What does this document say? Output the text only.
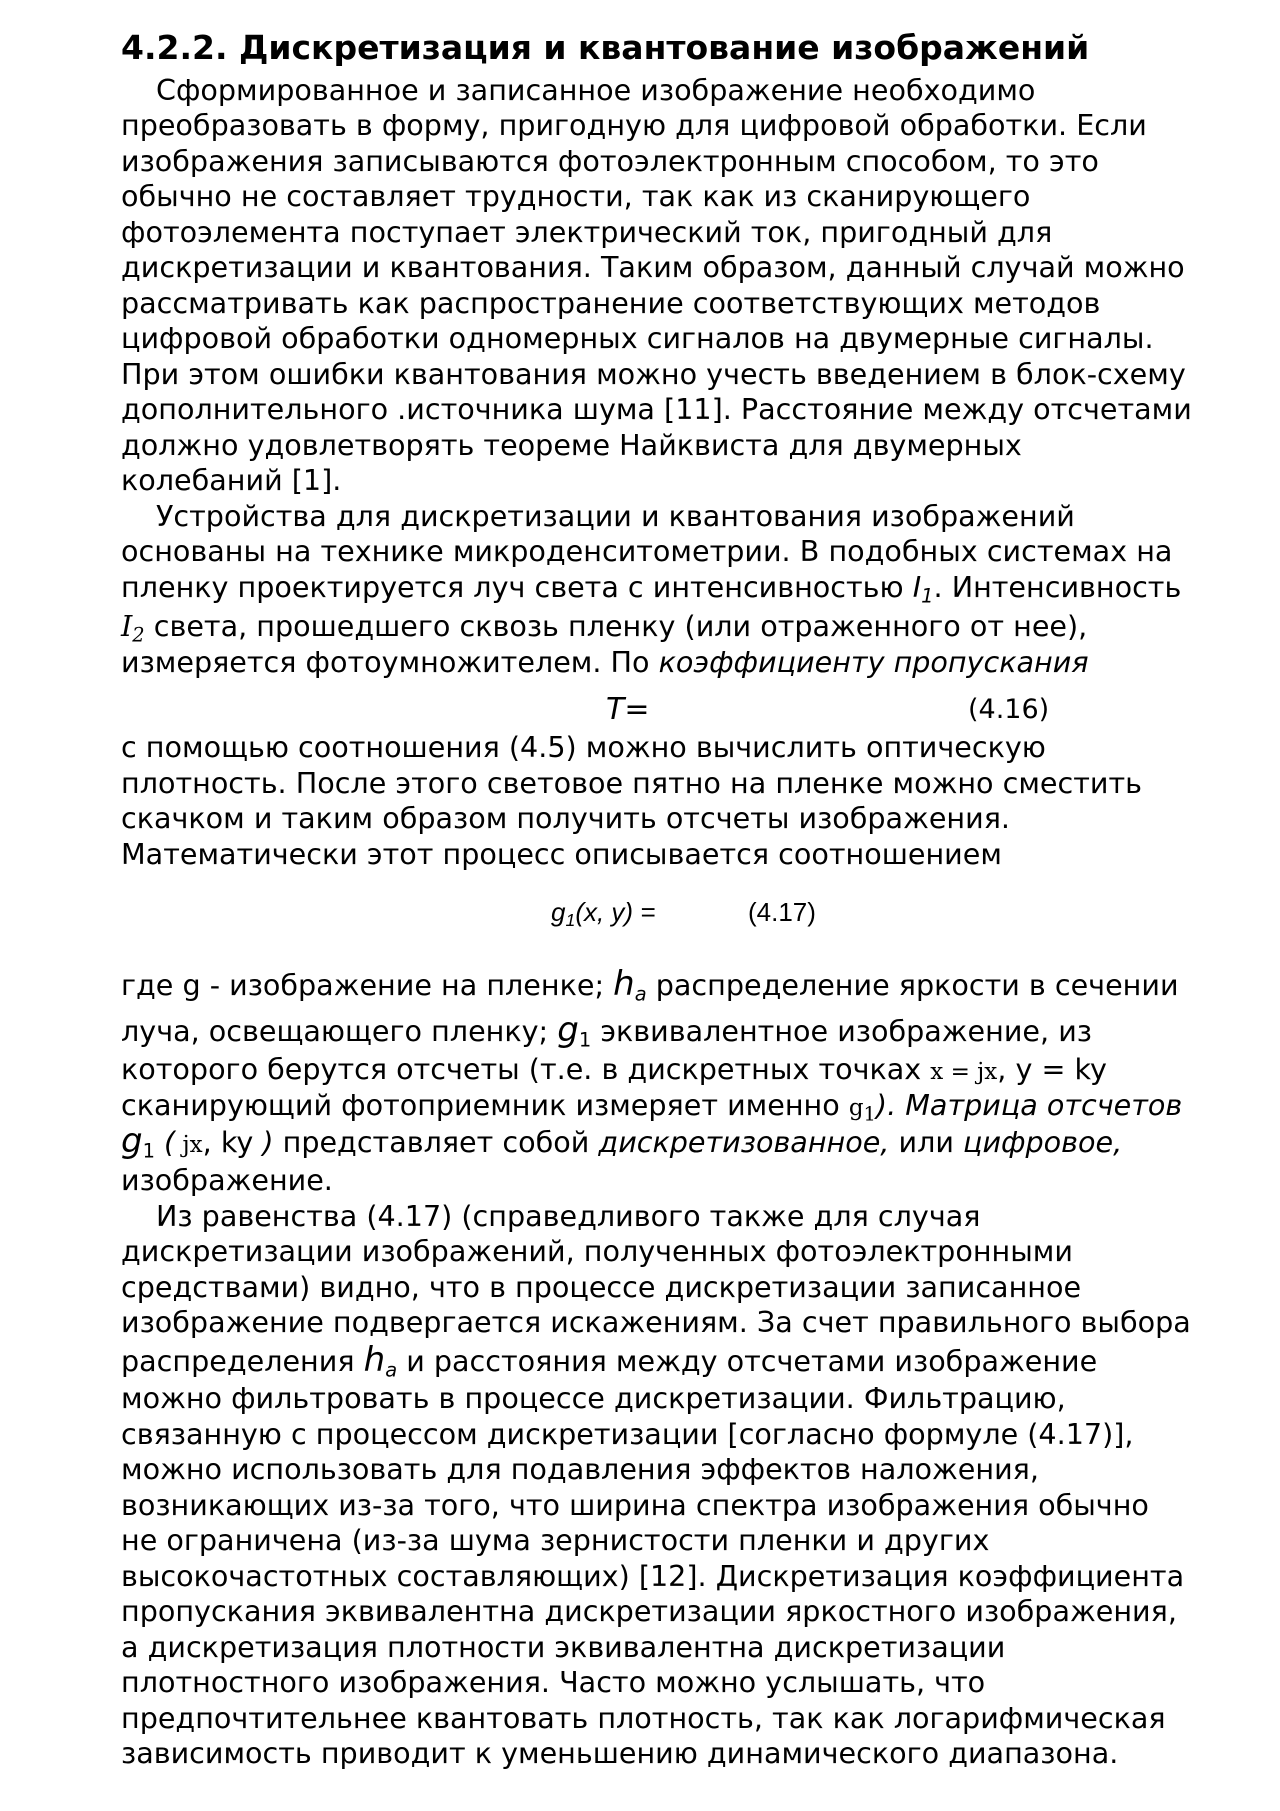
4.2.2. Дискретизация и квантование изображений

Сформированное и записанное изображение необходимо

преобразовать в форму, пригодную для цифровой обработки. Если

изображения записываются фотоэлектронным способом, то это

обычно не составляет трудности, так как из сканирующего

фотоэлемента поступает электрический ток, пригодный для

дискретизации и квантования. Таким образом, данный случай можно

рассматривать как распространение соответствующих методов

цифровой обработки одномерных сигналов на двумерные сигналы.

При этом ошибки квантования можно учесть введением в блок-схему

дополнительного .источника шума [11]. Расстояние между отсчетами

должно удовлетворять теореме Найквиста для двумерных

колебаний [1].

Устройства для дискретизации и квантования изображений

основаны на технике микроденситометрии. В подобных системах на

пленку проектируется луч света с интенсивностью $I_1$. Интенсивность

$I_2$ света, прошедшего сквозь пленку (или отраженного от нее),

измеряется фотоумножителем. По коэффициенту пропускания

T=	(4.16)

с помощью соотношения (4.5) можно вычислить оптическую

плотность. После этого световое пятно на пленке можно сместить

скачком и таким образом получить отсчеты изображения.

Математически этот процесс описывается соотношением

$g_1(x$, y) =	(4.17)

где g - изображение на пленке; $h_a$ распределение яркости в сечении

луча, освещающего пленку; $g_1$ эквивалентное изображение, из

которого берутся отсчеты (т.е. в дискретных точках x = jx, y = ky

сканирующий фотоприемник измеряет именно $g_1$). Матрица отсчетов

$g_1$ ( jx, ky ) представляет собой дискретизованное, или цифровое,

изображение.

Из равенства (4.17) (справедливого также для случая

дискретизации изображений, полученных фотоэлектронными

средствами) видно, что в процессе дискретизации записанное

изображение подвергается искажениям. За счет правильного выбора

распределения $h_a$ и расстояния между отсчетами изображение

можно фильтровать в процессе дискретизации. Фильтрацию,

связанную с процессом дискретизации [согласно формуле (4.17)],

можно использовать для подавления эффектов наложения,

возникающих из-за того, что ширина спектра изображения обычно

не ограничена (из-за шума зернистости пленки и других

высокочастотных составляющих) [12]. Дискретизация коэффициента

пропускания эквивалентна дискретизации яркостного изображения,

а дискретизация плотности эквивалентна дискретизации

плотностного изображения. Часто можно услышать, что

предпочтительнее квантовать плотность, так как логарифмическая

зависимость приводит к уменьшению динамического диапазона.
